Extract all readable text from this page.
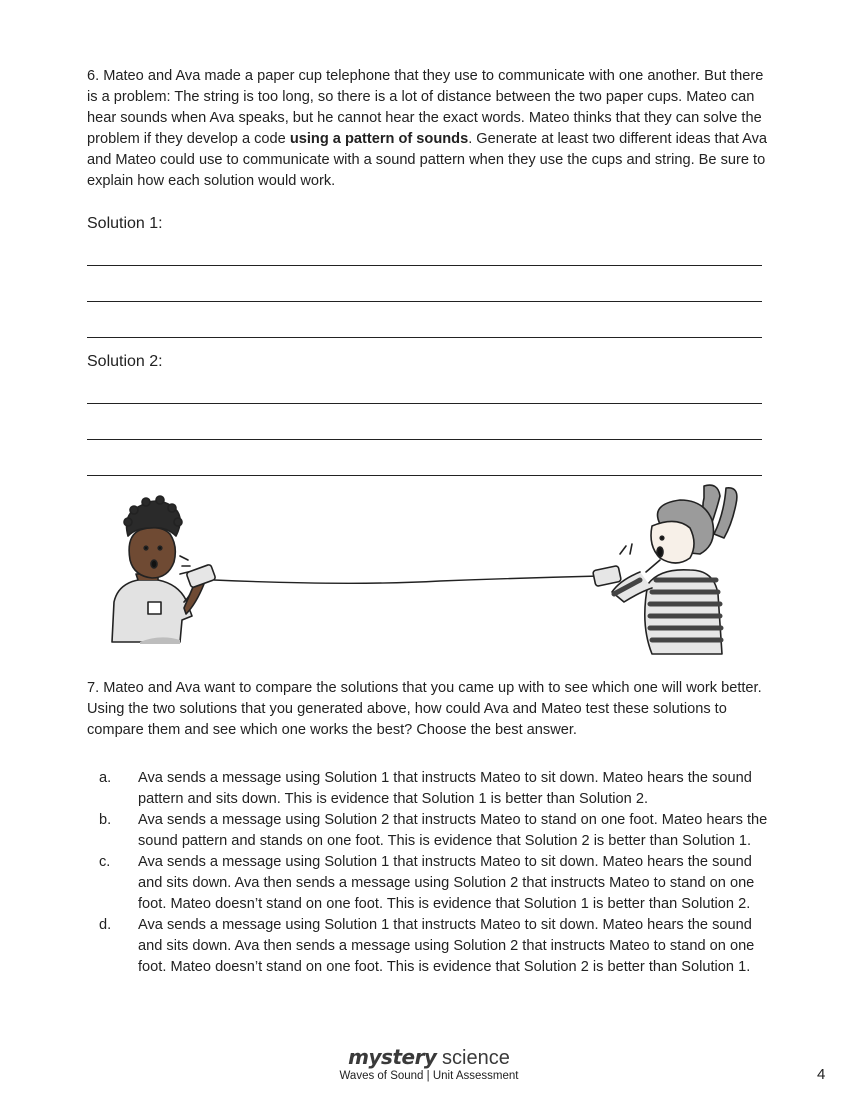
6. Mateo and Ava made a paper cup telephone that they use to communicate with one another. But there is a problem: The string is too long, so there is a lot of distance between the two paper cups. Mateo can hear sounds when Ava speaks, but he cannot hear the exact words. Mateo thinks that they can solve the problem if they develop a code using a pattern of sounds. Generate at least two different ideas that Ava and Mateo could use to communicate with a sound pattern when they use the cups and string. Be sure to explain how each solution would work.
Solution 1:
Solution 2:
7. Mateo and Ava want to compare the solutions that you came up with to see which one will work better. Using the two solutions that you generated above, how could Ava and Mateo test these solutions to compare them and see which one works the best? Choose the best answer.
a. Ava sends a message using Solution 1 that instructs Mateo to sit down. Mateo hears the sound pattern and sits down. This is evidence that Solution 1 is better than Solution 2.
b. Ava sends a message using Solution 2 that instructs Mateo to stand on one foot. Mateo hears the sound pattern and stands on one foot. This is evidence that Solution 2 is better than Solution 1.
c. Ava sends a message using Solution 1 that instructs Mateo to sit down. Mateo hears the sound and sits down. Ava then sends a message using Solution 2 that instructs Mateo to stand on one foot. Mateo doesn’t stand on one foot. This is evidence that Solution 1 is better than Solution 2.
d. Ava sends a message using Solution 1 that instructs Mateo to sit down. Mateo hears the sound and sits down. Ava then sends a message using Solution 2 that instructs Mateo to stand on one foot. Mateo doesn’t stand on one foot. This is evidence that Solution 2 is better than Solution 1.
mystery science
Waves of Sound | Unit Assessment	4
